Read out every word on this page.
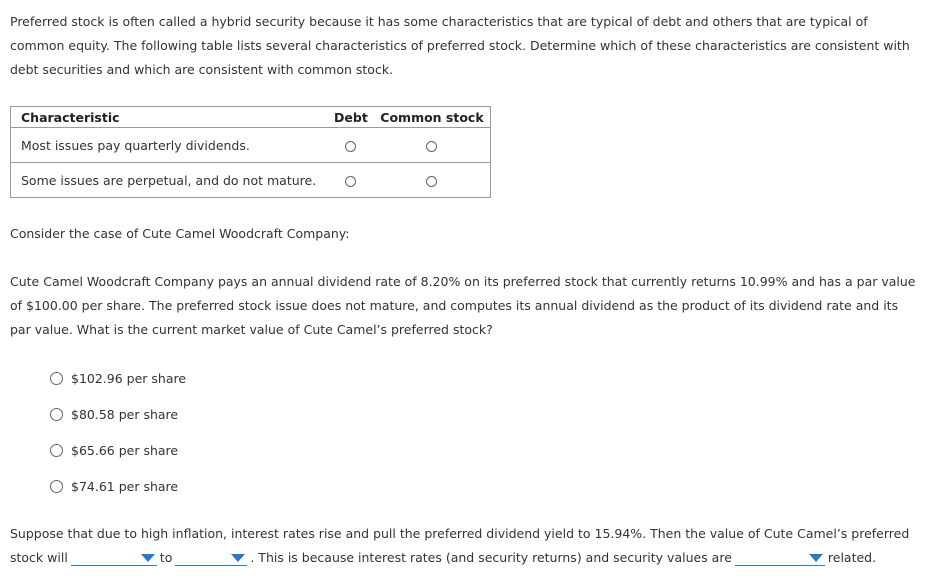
Preferred stock is often called a hybrid security because it has some characteristics that are typical of debt and others that are typical of common equity. The following table lists several characteristics of preferred stock. Determine which of these characteristics are consistent with debt securities and which are consistent with common stock.

Characteristic	Debt	Common stock
Most issues pay quarterly dividends.		
Some issues are perpetual, and do not mature.		

Consider the case of Cute Camel Woodcraft Company:

Cute Camel Woodcraft Company pays an annual dividend rate of 8.20% on its preferred stock that currently returns 10.99% and has a par value of $100.00 per share. The preferred stock issue does not mature, and computes its annual dividend as the product of its dividend rate and its par value. What is the current market value of Cute Camel’s preferred stock?

$102.96 per share
$80.58 per share
$65.66 per share
$74.61 per share

Suppose that due to high inflation, interest rates rise and pull the preferred dividend yield to 15.94%. Then the value of Cute Camel’s preferred stock will	to	. This is because interest rates (and security returns) and security values are	related.
